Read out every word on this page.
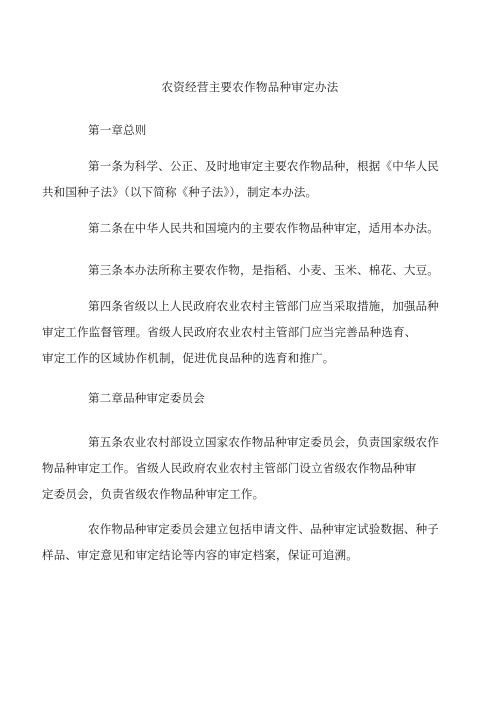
农资经营主要农作物品种审定办法
第一章总则
第一条为科学、公正、及时地审定主要农作物品种，根据《中华人民
共和国种子法》（以下简称《种子法》），制定本办法。
第二条在中华人民共和国境内的主要农作物品种审定，适用本办法。
第三条本办法所称主要农作物，是指稻、小麦、玉米、棉花、大豆。
第四条省级以上人民政府农业农村主管部门应当采取措施，加强品种
审定工作监督管理。省级人民政府农业农村主管部门应当完善品种选育、
审定工作的区域协作机制，促进优良品种的选育和推广。
第二章品种审定委员会
第五条农业农村部设立国家农作物品种审定委员会，负责国家级农作
物品种审定工作。省级人民政府农业农村主管部门设立省级农作物品种审
定委员会，负责省级农作物品种审定工作。
农作物品种审定委员会建立包括申请文件、品种审定试验数据、种子
样品、审定意见和审定结论等内容的审定档案，保证可追溯。
